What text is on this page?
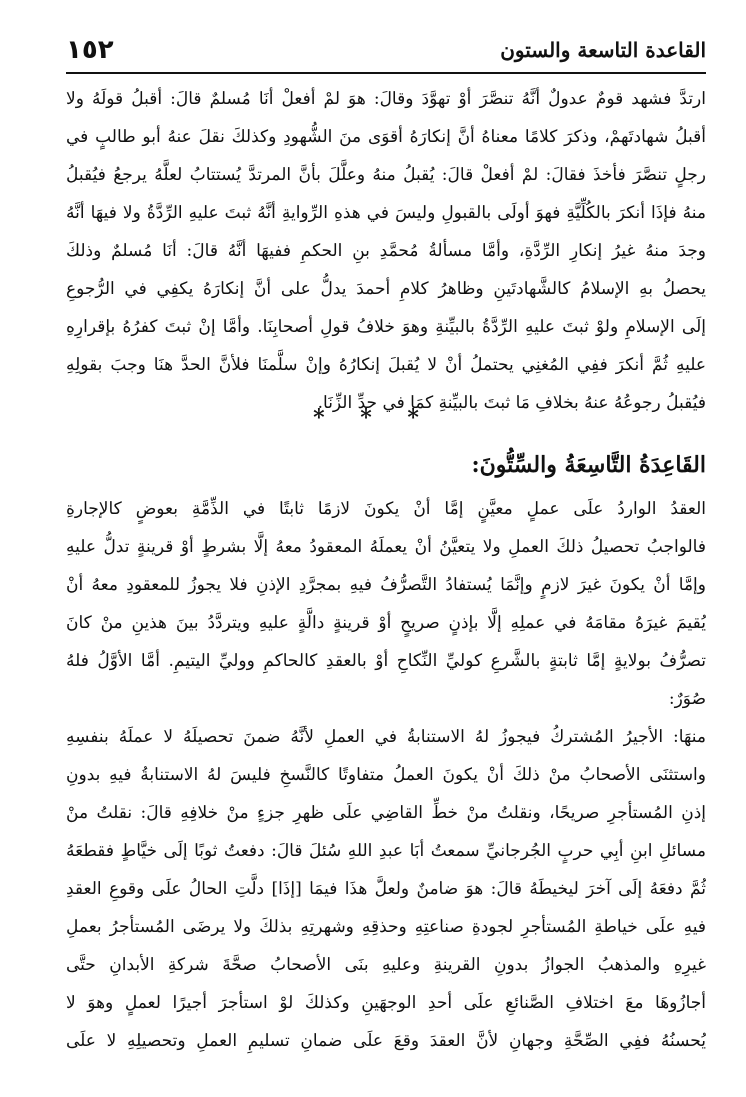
١٥٢	القاعدة التاسعة والستون
ارتدَّ فشهد قومٌ عدولٌ أنَّهُ تنصَّرَ أوْ تهوَّدَ وقالَ: هوَ لمْ أفعلْ أنَا مُسلمٌ قالَ: أقبلُ قولَهُ ولا
أقبلُ شهادتَهمْ، وذكرَ كلامًا معناهُ أنَّ إنكارَهُ أقوَى منَ الشُّهودِ وكذلكَ نقلَ عنهُ أبو طالبٍ في
رجلٍ تنصَّرَ فأخذَ فقالَ: لمْ أفعلْ قالَ: يُقبلُ منهُ وعلَّلَ بأنَّ المرتدَّ يُستتابُ لعلَّهُ يرجعُ فيُقبلُ
منهُ فإذَا أنكرَ بالكُلِّيَّةِ فهوَ أولَى بالقبولِ وليسَ في هذهِ الرِّوايةِ أنَّهُ ثبتَ عليهِ الرِّدَّةُ ولا فيهَا أنَّهُ
وجدَ منهُ غيرُ إنكارِ الرِّدَّةِ، وأمَّا مسألةُ مُحمَّدِ بنِ الحكمِ ففيهَا أنَّهُ قالَ: أنَا مُسلمٌ وذلكَ
يحصلُ بهِ الإسلامُ كالشَّهادتَينِ وظاهرُ كلامِ أحمدَ يدلُّ على أنَّ إنكارَهُ يكفِي في الرُّجوعِ
إلَى الإسلامِ ولوْ ثبتَ عليهِ الرِّدَّةُ بالبيِّنةِ وهوَ خلافُ قولِ أصحابِنَا. وأمَّا إنْ ثبتَ كفرُهُ بإقرارِهِ
عليهِ ثُمَّ أنكرَ ففِي المُغنِي يحتملُ أنْ لا يُقبلَ إنكارُهُ وإنْ سلَّمنَا فلأنَّ الحدَّ هنَا وجبَ بقولِهِ
فيُقبلُ رجوعُهُ عنهُ بخلافِ مَا ثبتَ بالبيِّنةِ كمَا في حدِّ الزِّنَا.
* * *
القَاعِدَةُ التَّاسِعَةُ والسِّتُّونَ:
العقدُ الواردُ علَى عملٍ معيَّنٍ إمَّا أنْ يكونَ لازمًا ثابتًا في الذِّمَّةِ بعوضٍ كالإجارةِ
فالواجبُ تحصيلُ ذلكَ العملِ ولا يتعيَّنُ أنْ يعملَهُ المعقودُ معهُ إلَّا بشرطٍ أوْ قرينةٍ تدلُّ عليهِ
وإمَّا أنْ يكونَ غيرَ لازمٍ وإنَّمَا يُستفادُ التَّصرُّفُ فيهِ بمجرَّدِ الإذنِ فلا يجوزُ للمعقودِ معهُ أنْ
يُقيمَ غيرَهُ مقامَهُ في عملِهِ إلَّا بإذنٍ صريحٍ أوْ قرينةٍ دالَّةٍ عليهِ ويتردَّدُ بينَ هذينِ منْ كانَ
تصرُّفُ بولايةٍ إمَّا ثابتةٍ بالشَّرعِ كوليِّ النِّكاحِ أوْ بالعقدِ كالحاكمِ ووليِّ اليتيمِ. أمَّا الأوَّلُ فلهُ
صُوَرٌ:
منهَا: الأجيرُ المُشتركُ فيجوزُ لهُ الاستنابةُ في العملِ لأنَّهُ ضمنَ تحصيلَهُ لا عملَهُ بنفسِهِ
واستثنَى الأصحابُ منْ ذلكَ أنْ يكونَ العملُ متفاوتًا كالنَّسخِ فليسَ لهُ الاستنابةُ فيهِ بدونِ
إذنِ المُستأجرِ صريحًا، ونقلتُ منْ خطِّ القاضِي علَى ظهرِ جزءٍ منْ خلافِهِ قالَ: نقلتُ منْ
مسائلِ ابنِ أبِي حربٍ الجُرجانيِّ سمعتُ أبَا عبدِ اللهِ سُئلَ قالَ: دفعتُ ثوبًا إلَى خيَّاطٍ فقطعَهُ
ثُمَّ دفعَهُ إلَى آخرَ ليخيطَهُ قالَ: هوَ ضامنٌ ولعلَّ هذَا فيمَا [إذَا] دلَّتِ الحالُ علَى وقوعِ العقدِ
فيهِ علَى خياطةِ المُستأجرِ لجودةِ صناعتِهِ وحذقِهِ وشهرتِهِ بذلكَ ولا يرضَى المُستأجرُ بعملِ
غيرِهِ والمذهبُ الجوازُ بدونِ القرينةِ وعليهِ بنَى الأصحابُ صحَّةَ شركةِ الأبدانِ حتَّى
أجازُوهَا معَ اختلافِ الصَّنائعِ علَى أحدِ الوجهَينِ وكذلكَ لوْ استأجرَ أجيرًا لعملٍ وهوَ لا
يُحسنُهُ ففِي الصِّحَّةِ وجهانِ لأنَّ العقدَ وقعَ علَى ضمانِ تسليمِ العملِ وتحصيلِهِ لا علَى
